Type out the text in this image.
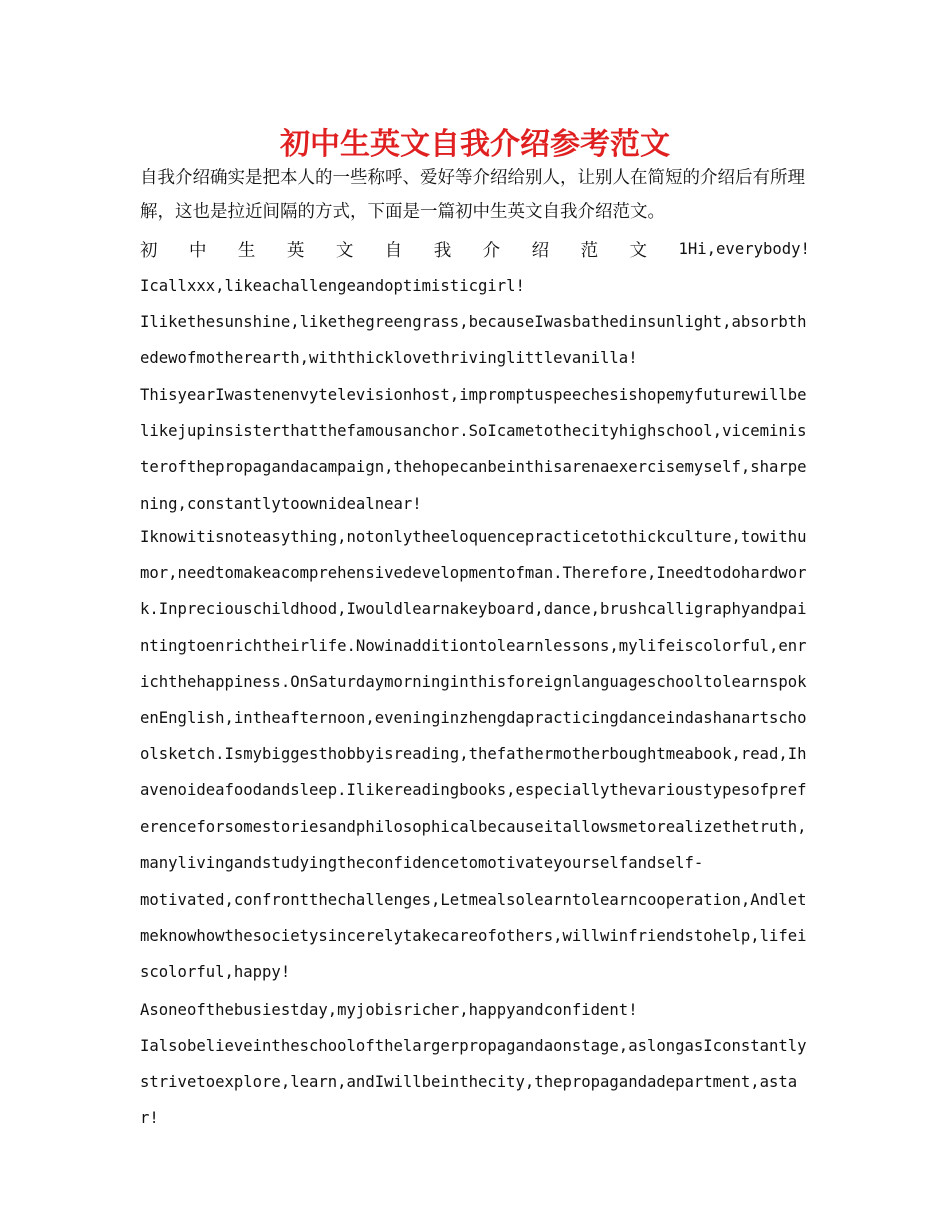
初中生英文自我介绍参考范文

自我介绍确实是把本人的一些称呼、爱好等介绍给别人，让别人在简短的介绍后有所理解，这也是拉近间隔的方式，下面是一篇初中生英文自我介绍范文。

初 中 生 英 文 自 我 介 绍 范 文 1Hi,everybody!

Icallxxx,likeachallengeandoptimisticgirl!

Ilikethesunshine,likethegreengrass,becauseIwasbathedinsunlight,absorbthedewofmotherearth,withthicklovethrivinglittlevanilla!

ThisyearIwastenenvytelevisionhost,impromptuspeechesishopemyfuturewillbelikejupinsisterthatthefamousanchor.SoIcametothecityhighschool,viceministerofthepropagandacampaign,thehopecanbeinthisarenaexercisemyself,sharpening,constantlytoownidealnear!

Iknowitisnoteasything,notonlytheeloquencepracticetothickculture,towithumor,needtomakeacomprehensivedevelopmentofman.Therefore,Ineedtodohardwork.Inpreciouschildhood,Iwouldlearnakeyboard,dance,brushcalligraphyandpaintingtoenrichtheirlife.Nowinadditiontolearnlessons,mylifeiscolorful,enrichthehappiness.OnSaturdaymorninginthisforeignlanguageschooltolearnspokenEnglish,intheafternoon,eveninginzhengdapracticingdanceindashanartschoolsketch.Ismybiggesthobbyisreading,thefathermotherboughtmeabook,read,Ihavenoideafoodandsleep.Ilikereadingbooks,especiallythevarioustypesofpreferenceforsomestoriesandphilosophicalbecauseitallowsmetorealizethetruth,manylivingandstudyingtheconfidencetomotivateyourselfandself-

motivated,confrontthechallenges,Letmealsolearntolearncooperation,Andletmeknowhowthesocietysincerelytakecareofothers,willwinfriendstohelp,lifeiscolorful,happy!

Asoneofthebusiestday,myjobisricher,happyandconfident!

Ialsobelieveintheschoolofthelargerpropagandaonstage,aslongasIconstantlystrivetoexplore,learn,andIwillbeinthecity,thepropagandadepartment,astar!
